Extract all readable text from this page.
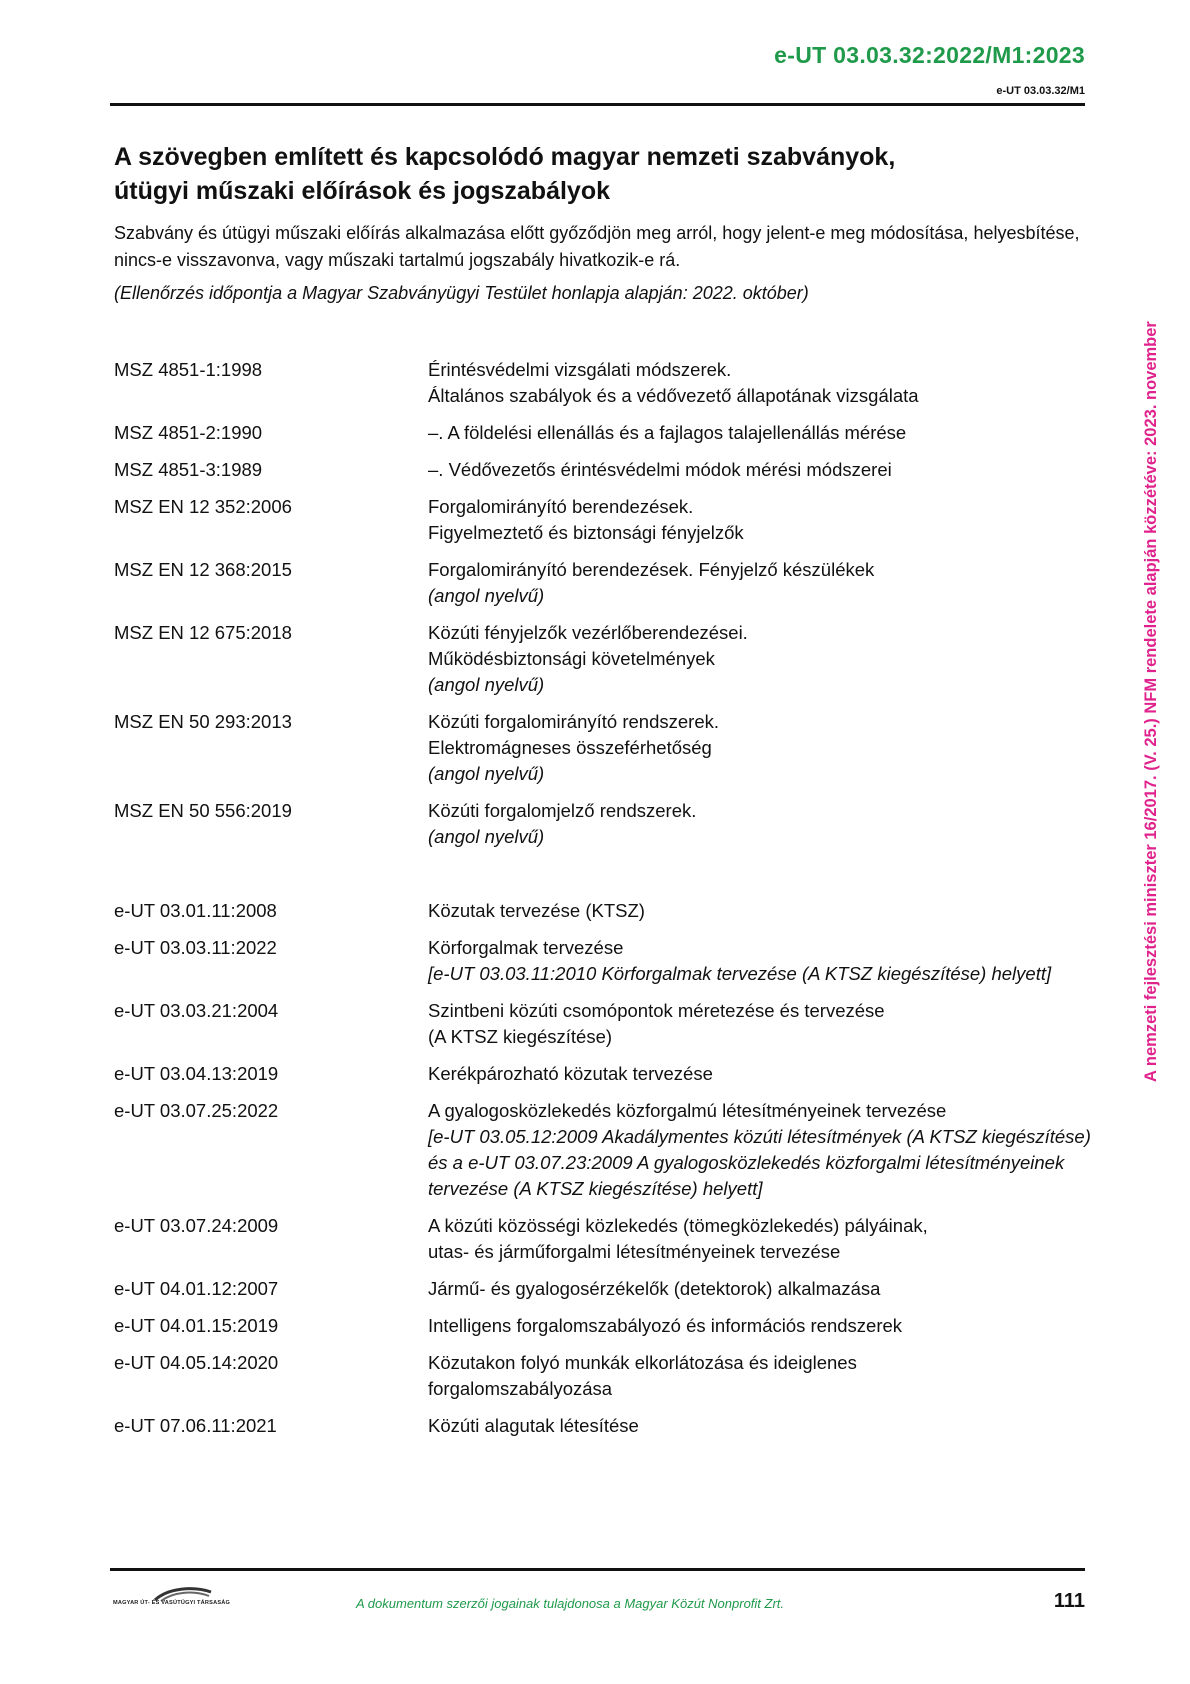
e-UT 03.03.32:2022/M1:2023
e-UT 03.03.32/M1
A nemzeti fejlesztési miniszter 16/2017. (V. 25.) NFM rendelete alapján közzétéve: 2023. november
A szövegben említett és kapcsolódó magyar nemzeti szabványok,
útügyi műszaki előírások és jogszabályok

Szabvány és útügyi műszaki előírás alkalmazása előtt győződjön meg arról, hogy jelent-e meg módosítása, helyesbítése, nincs-e visszavonva, vagy műszaki tartalmú jogszabály hivatkozik-e rá.

(Ellenőrzés időpontja a Magyar Szabványügyi Testület honlapja alapján: 2022. október)

MSZ 4851-1:1998	Érintésvédelmi vizsgálati módszerek.
Általános szabályok és a védővezető állapotának vizsgálata
MSZ 4851-2:1990	–. A földelési ellenállás és a fajlagos talajellenállás mérése
MSZ 4851-3:1989	–. Védővezetős érintésvédelmi módok mérési módszerei
MSZ EN 12 352:2006	Forgalomirányító berendezések.
Figyelmeztető és biztonsági fényjelzők
MSZ EN 12 368:2015	Forgalomirányító berendezések. Fényjelző készülékek
(angol nyelvű)
MSZ EN 12 675:2018	Közúti fényjelzők vezérlőberendezései.
Működésbiztonsági követelmények
(angol nyelvű)
MSZ EN 50 293:2013	Közúti forgalomirányító rendszerek.
Elektromágneses összeférhetőség
(angol nyelvű)
MSZ EN 50 556:2019	Közúti forgalomjelző rendszerek.
(angol nyelvű)
e-UT 03.01.11:2008	Közutak tervezése (KTSZ)
e-UT 03.03.11:2022	Körforgalmak tervezése
[e-UT 03.03.11:2010 Körforgalmak tervezése (A KTSZ kiegészítése) helyett]
e-UT 03.03.21:2004	Szintbeni közúti csomópontok méretezése és tervezése
(A KTSZ kiegészítése)
e-UT 03.04.13:2019	Kerékpározható közutak tervezése
e-UT 03.07.25:2022	A gyalogosközlekedés közforgalmú létesítményeinek tervezése
[e-UT 03.05.12:2009 Akadálymentes közúti létesítmények (A KTSZ kiegészítése) és a e-UT 03.07.23:2009 A gyalogosközlekedés közforgalmi létesítményeinek tervezése (A KTSZ kiegészítése) helyett]
e-UT 03.07.24:2009	A közúti közösségi közlekedés (tömegközlekedés) pályáinak,
utas- és járműforgalmi létesítményeinek tervezése
e-UT 04.01.12:2007	Jármű- és gyalogosérzékelők (detektorok) alkalmazása
e-UT 04.01.15:2019	Intelligens forgalomszabályozó és információs rendszerek
e-UT 04.05.14:2020	Közutakon folyó munkák elkorlátozása és ideiglenes
forgalomszabályozása
e-UT 07.06.11:2021	Közúti alagutak létesítése
MAGYAR ÚT- ÉS VASÚTÜGYI TÁRSASÁG	A dokumentum szerzői jogainak tulajdonosa a Magyar Közút Nonprofit Zrt.	111
